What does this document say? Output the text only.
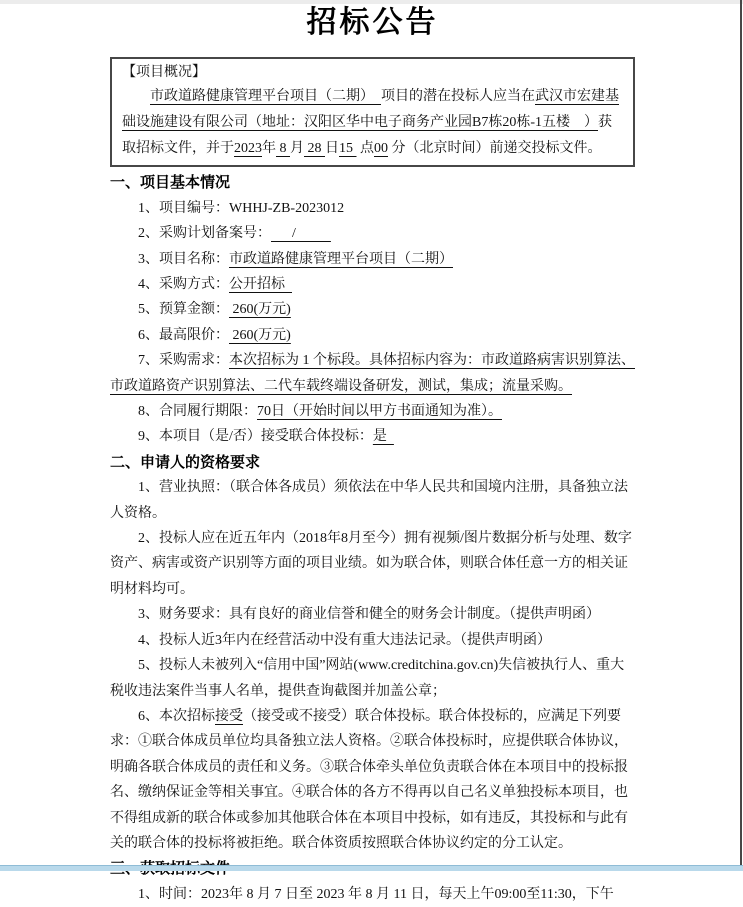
招标公告
【项目概况】

市政道路健康管理平台项目（二期）　项目的潜在投标人应当在武汉市宏建基础设施建设有限公司（地址：汉阳区华中电子商务产业园B7栋20栋-1五楼　）获取招标文件，并于2023年 8 月 28 日15  点00 分（北京时间）前递交投标文件。

一、项目基本情况

1、项目编号：WHHJ-ZB-2023012

2、采购计划备案号：      /

3、项目名称：市政道路健康管理平台项目（二期）

4、采购方式：公开招标

5、预算金额： 260(万元)

6、最高限价： 260(万元)

7、采购需求：本次招标为 1 个标段。具体招标内容为：市政道路病害识别算法、市政道路资产识别算法、二代车载终端设备研发，测试，集成；流量采购。

8、合同履行期限：70日（开始时间以甲方书面通知为准）。

9、本项目（是/否）接受联合体投标：是

二、申请人的资格要求

1、营业执照：（联合体各成员）须依法在中华人民共和国境内注册，具备独立法人资格。

2、投标人应在近五年内（2018年8月至今）拥有视频/图片数据分析与处理、数字资产、病害或资产识别等方面的项目业绩。如为联合体，则联合体任意一方的相关证明材料均可。

3、财务要求：具有良好的商业信誉和健全的财务会计制度。（提供声明函）

4、投标人近3年内在经营活动中没有重大违法记录。（提供声明函）

5、投标人未被列入“信用中国”网站(www.creditchina.gov.cn)失信被执行人、重大税收违法案件当事人名单，提供查询截图并加盖公章；

6、本次招标接受（接受或不接受）联合体投标。联合体投标的，应满足下列要求：①联合体成员单位均具备独立法人资格。②联合体投标时，应提供联合体协议，明确各联合体成员的责任和义务。③联合体牵头单位负责联合体在本项目中的投标报名、缴纳保证金等相关事宜。④联合体的各方不得再以自己名义单独投标本项目，也不得组成新的联合体或参加其他联合体在本项目中投标，如有违反，其投标和与此有关的联合体的投标将被拒绝。联合体资质按照联合体协议约定的分工认定。

1、时间：2023年 8 月 7 日至 2023 年 8 月 11 日，每天上午09:00至11:30，下午
